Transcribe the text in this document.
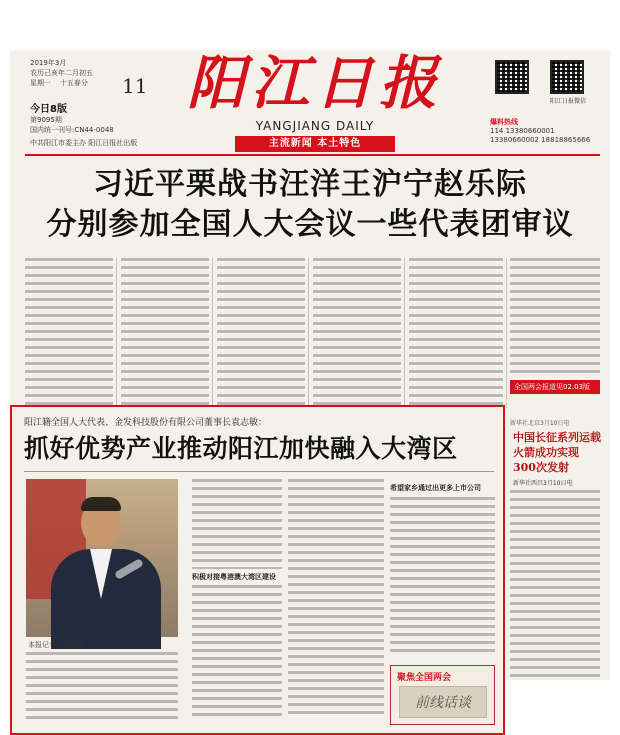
2019年3月
农历己亥年二月初五
星期一 十五春分 11
今日8版
第9095期
国内统一刊号:CN44-0048
中共阳江市委主办 阳江日报社出版
阳江日报
YANGJIANG DAILY
主流新闻 本土特色
阳江日报微信
爆料热线
114 13380660001
13380660002 18818865666
习近平栗战书汪洋王沪宁赵乐际
分别参加全国人大会议一些代表团审议
全国两会报道见02.03版
阳江籍全国人大代表、金发科技股份有限公司董事长袁志敏：
抓好优势产业推动阳江加快融入大湾区
本报记者 / 任皓华
积极对接粤港澳大湾区建设
希望家乡通过出更多上市公司
聚焦全国两会
前线话谈
新华社北京3月10日电
中国长征系列运载火箭成功实现300次发射
新华社西昌3月10日电
